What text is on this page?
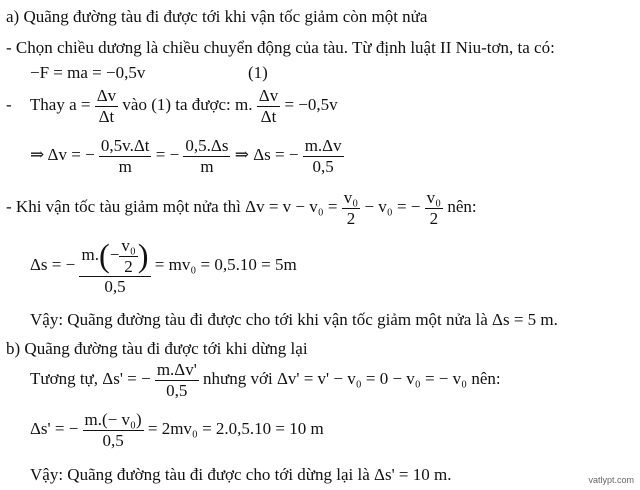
a) Quãng đường tàu đi được tới khi vận tốc giảm còn một nửa
- Chọn chiều dương là chiều chuyển động của tàu. Từ định luật II Niu-tơn, ta có:
−F = ma = −0,5v	(1)
- Thay $a = \frac{\Delta v}{\Delta t}$ vào (1) ta được: m. $\frac{\Delta v}{\Delta t} = -0,5v$
⇒ Δv = − $\frac{0,5v.\Delta t}{m}$ = − $\frac{0,5.\Delta s}{m}$ ⇒ Δs = − $\frac{m.\Delta v}{0,5}$
- Khi vận tốc tàu giảm một nửa thì $\Delta v = v - v_0 = \frac{\text{v₀}}{2} - v_0$ = − $\frac{\text{v₀}}{2}$ nên:
Δs = − $\frac{m.(- \frac{\text{v₀}}{2} )}{0,5} = mv_0 = 0,5.10 = 5m$
Vậy: Quãng đường tàu đi được cho tới khi vận tốc giảm một nửa là Δs = 5 m.
b) Quãng đường tàu đi được tới khi dừng lại
Tương tự, Δs' = − $\frac{m.\Delta v'}{0,5}$ nhưng với Δv' = v' − v₀ = 0 − v₀ = − v₀ nên:
Δs' = − $\frac{\text{m.(− v₀)}}{0,5} = 2mv_0 = 2.0,5.10 = 10$ m
Vậy: Quãng đường tàu đi được cho tới dừng lại là Δs' = 10 m.	vatlypt.com
